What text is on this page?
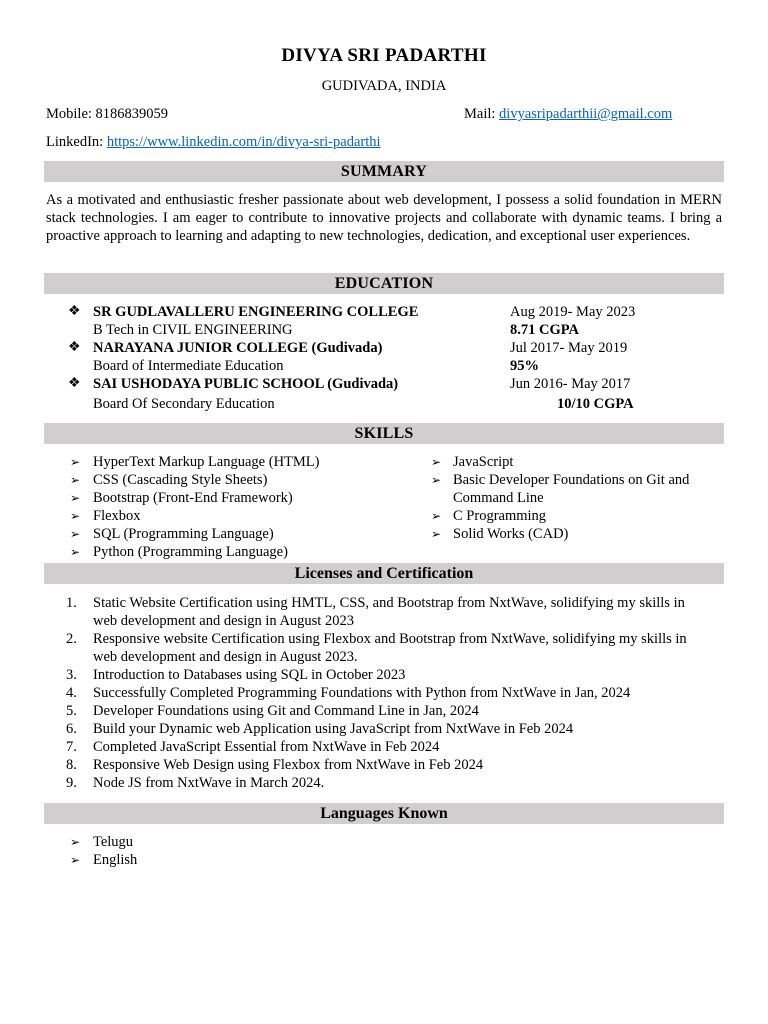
DIVYA SRI PADARTHI
GUDIVADA, INDIA
Mobile: 8186839059	Mail: divyasripadarthii@gmail.com
LinkedIn: https://www.linkedin.com/in/divya-sri-padarthi
SUMMARY
As a motivated and enthusiastic fresher passionate about web development, I possess a solid foundation in MERN stack technologies. I am eager to contribute to innovative projects and collaborate with dynamic teams. I bring a proactive approach to learning and adapting to new technologies, dedication, and exceptional user experiences.
EDUCATION
❖ SR GUDLAVALLERU ENGINEERING COLLEGE	Aug 2019- May 2023
B Tech in CIVIL ENGINEERING	8.71 CGPA
❖ NARAYANA JUNIOR COLLEGE (Gudivada)	Jul 2017- May 2019
Board of Intermediate Education	95%
❖ SAI USHODAYA PUBLIC SCHOOL (Gudivada)	Jun 2016- May 2017
Board Of Secondary Education	10/10 CGPA
SKILLS
➢ HyperText Markup Language (HTML)
➢ CSS (Cascading Style Sheets)
➢ Bootstrap (Front-End Framework)
➢ Flexbox
➢ SQL (Programming Language)
➢ Python (Programming Language)
➢ JavaScript
➢ Basic Developer Foundations on Git and
Command Line
➢ C Programming
➢ Solid Works (CAD)
Licenses and Certification
1.	Static Website Certification using HMTL, CSS, and Bootstrap from NxtWave, solidifying my skills in
web development and design in August 2023
2.	Responsive website Certification using Flexbox and Bootstrap from NxtWave, solidifying my skills in
web development and design in August 2023.
3.	Introduction to Databases using SQL in October 2023
4.	Successfully Completed Programming Foundations with Python from NxtWave in Jan, 2024
5.	Developer Foundations using Git and Command Line in Jan, 2024
6.	Build your Dynamic web Application using JavaScript from NxtWave in Feb 2024
7.	Completed JavaScript Essential from NxtWave in Feb 2024
8.	Responsive Web Design using Flexbox from NxtWave in Feb 2024
9.	Node JS from NxtWave in March 2024.
Languages Known
➢ Telugu
➢ English
